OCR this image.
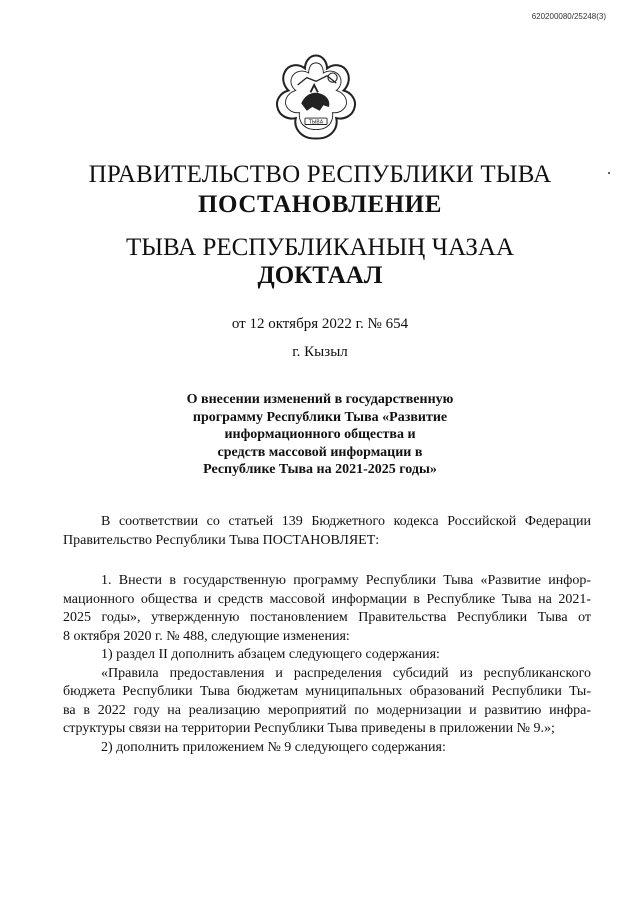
620200080/25248(3)
ТЫВА
ПРАВИТЕЛЬСТВО РЕСПУБЛИКИ ТЫВА
ПОСТАНОВЛЕНИЕ
ТЫВА РЕСПУБЛИКАНЫҢ ЧАЗАА
ДОКТААЛ
от 12 октября 2022 г. № 654
г. Кызыл
О внесении изменений в государственную
программу Республики Тыва «Развитие
информационного общества и
средств массовой информации в
Республике Тыва на 2021-2025 годы»
В соответствии со статьей 139 Бюджетного кодекса Российской Федерации
Правительство Республики Тыва ПОСТАНОВЛЯЕТ:
1. Внести в государственную программу Республики Тыва «Развитие инфор-
мационного общества и средств массовой информации в Республике Тыва на 2021-
2025 годы», утвержденную постановлением Правительства Республики Тыва от
8 октября 2020 г. № 488, следующие изменения:
1) раздел II дополнить абзацем следующего содержания:
«Правила предоставления и распределения субсидий из республиканского
бюджета Республики Тыва бюджетам муниципальных образований Республики Ты-
ва в 2022 году на реализацию мероприятий по модернизации и развитию инфра-
структуры связи на территории Республики Тыва приведены в приложении № 9.»;
2) дополнить приложением № 9 следующего содержания:
